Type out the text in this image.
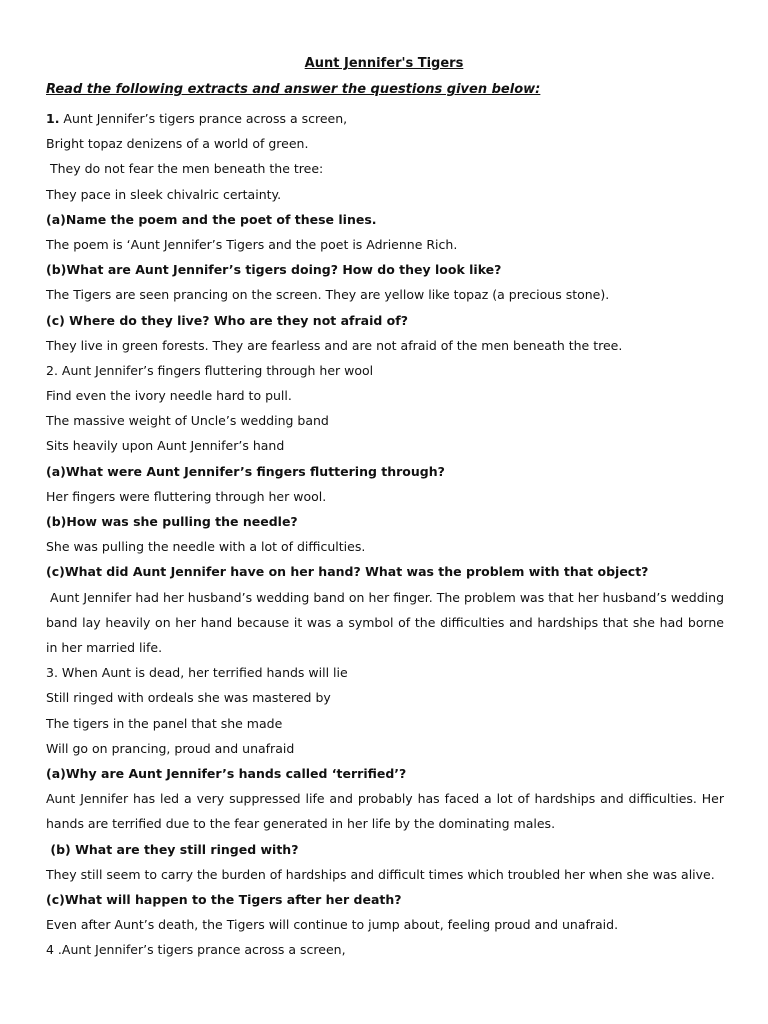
Aunt Jennifer's Tigers
Read the following extracts and answer the questions given below:
1. Aunt Jennifer’s tigers prance across a screen,
Bright topaz denizens of a world of green.
They do not fear the men beneath the tree:
They pace in sleek chivalric certainty.
(a)Name the poem and the poet of these lines.
The poem is ‘Aunt Jennifer’s Tigers and the poet is Adrienne Rich.
(b)What are Aunt Jennifer’s tigers doing? How do they look like?
The Tigers are seen prancing on the screen. They are yellow like topaz (a precious stone).
(c) Where do they live? Who are they not afraid of?
They live in green forests. They are fearless and are not afraid of the men beneath the tree.
2. Aunt Jennifer’s fingers fluttering through her wool
Find even the ivory needle hard to pull.
The massive weight of Uncle’s wedding band
Sits heavily upon Aunt Jennifer’s hand
(a)What were Aunt Jennifer’s fingers fluttering through?
Her fingers were fluttering through her wool.
(b)How was she pulling the needle?
She was pulling the needle with a lot of difficulties.
(c)What did Aunt Jennifer have on her hand? What was the problem with that object?
Aunt Jennifer had her husband’s wedding band on her finger. The problem was that her husband’s wedding band lay heavily on her hand because it was a symbol of the difficulties and hardships that she had borne in her married life.
3. When Aunt is dead, her terrified hands will lie
Still ringed with ordeals she was mastered by
The tigers in the panel that she made
Will go on prancing, proud and unafraid
(a)Why are Aunt Jennifer’s hands called ‘terrified’?
Aunt Jennifer has led a very suppressed life and probably has faced a lot of hardships and difficulties. Her hands are terrified due to the fear generated in her life by the dominating males.
(b) What are they still ringed with?
They still seem to carry the burden of hardships and difficult times which troubled her when she was alive.
(c)What will happen to the Tigers after her death?
Even after Aunt’s death, the Tigers will continue to jump about, feeling proud and unafraid.
4 .Aunt Jennifer’s tigers prance across a screen,
